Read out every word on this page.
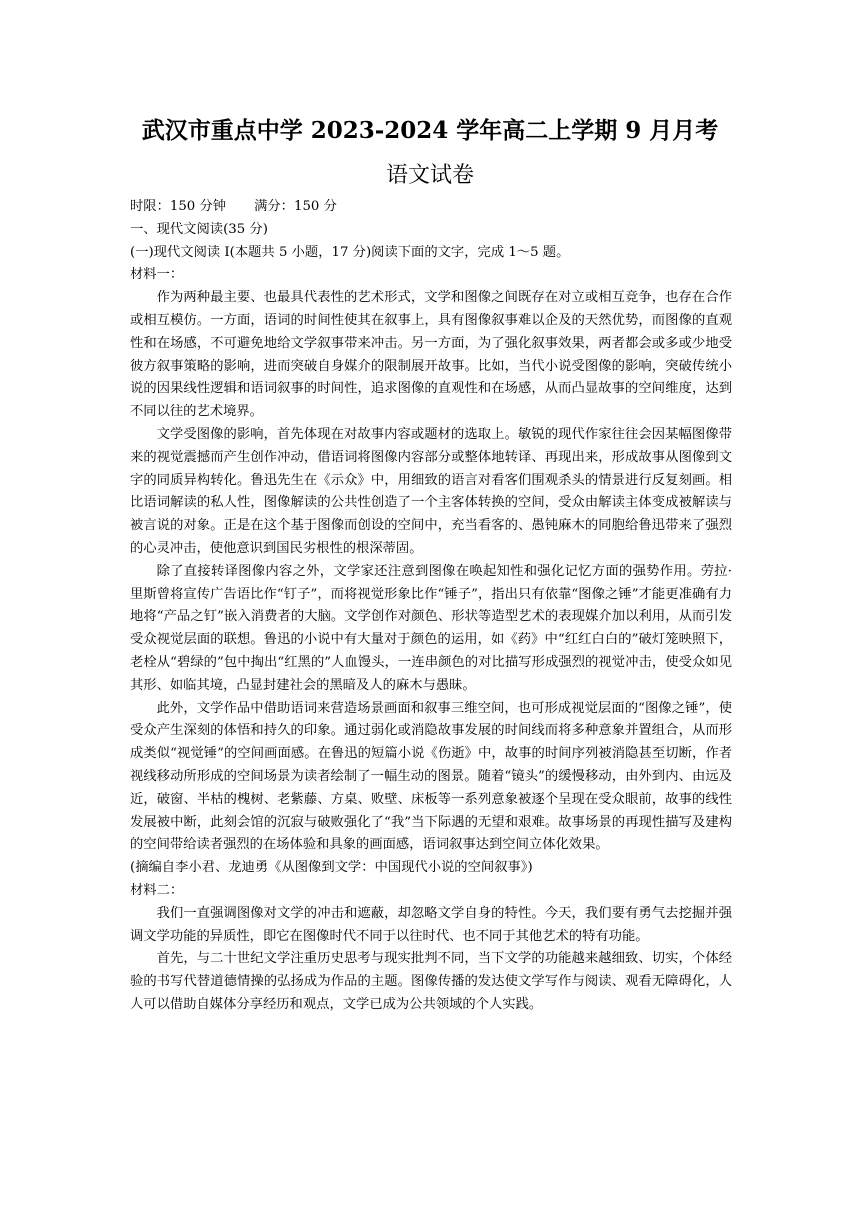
武汉市重点中学 2023-2024 学年高二上学期 9 月月考
语文试卷

时限：150 分钟 满分：150 分

一、现代文阅读(35 分)

(一)现代文阅读 I(本题共 5 小题，17 分)阅读下面的文字，完成 1～5 题。

材料一：

作为两种最主要、也最具代表性的艺术形式，文学和图像之间既存在对立或相互竞争，也存在合作或相互模仿。一方面，语词的时间性使其在叙事上，具有图像叙事难以企及的天然优势，而图像的直观性和在场感，不可避免地给文学叙事带来冲击。另一方面，为了强化叙事效果，两者都会或多或少地受彼方叙事策略的影响，进而突破自身媒介的限制展开故事。比如，当代小说受图像的影响，突破传统小说的因果线性逻辑和语词叙事的时间性，追求图像的直观性和在场感，从而凸显故事的空间维度，达到不同以往的艺术境界。

文学受图像的影响，首先体现在对故事内容或题材的选取上。敏锐的现代作家往往会因某幅图像带来的视觉震撼而产生创作冲动，借语词将图像内容部分或整体地转译、再现出来，形成故事从图像到文字的同质异构转化。鲁迅先生在《示众》中，用细致的语言对看客们围观杀头的情景进行反复刻画。相比语词解读的私人性，图像解读的公共性创造了一个主客体转换的空间，受众由解读主体变成被解读与被言说的对象。正是在这个基于图像而创设的空间中，充当看客的、愚钝麻木的同胞给鲁迅带来了强烈的心灵冲击，使他意识到国民劣根性的根深蒂固。

除了直接转译图像内容之外，文学家还注意到图像在唤起知性和强化记忆方面的强势作用。劳拉·里斯曾将宣传广告语比作“钉子”，而将视觉形象比作“锤子”，指出只有依靠“图像之锤”才能更准确有力地将“产品之钉”嵌入消费者的大脑。文学创作对颜色、形状等造型艺术的表现媒介加以利用，从而引发受众视觉层面的联想。鲁迅的小说中有大量对于颜色的运用，如《药》中“红红白白的”破灯笼映照下，老栓从“碧绿的”包中掏出“红黑的”人血馒头，一连串颜色的对比描写形成强烈的视觉冲击，使受众如见其形、如临其境，凸显封建社会的黑暗及人的麻木与愚昧。

此外，文学作品中借助语词来营造场景画面和叙事三维空间，也可形成视觉层面的“图像之锤”，使受众产生深刻的体悟和持久的印象。通过弱化或消隐故事发展的时间线而将多种意象并置组合，从而形成类似“视觉锤”的空间画面感。在鲁迅的短篇小说《伤逝》中，故事的时间序列被消隐甚至切断，作者视线移动所形成的空间场景为读者绘制了一幅生动的图景。随着“镜头”的缓慢移动，由外到内、由远及近，破窗、半枯的槐树、老紫藤、方桌、败壁、床板等一系列意象被逐个呈现在受众眼前，故事的线性发展被中断，此刻会馆的沉寂与破败强化了“我”当下际遇的无望和艰难。故事场景的再现性描写及建构的空间带给读者强烈的在场体验和具象的画面感，语词叙事达到空间立体化效果。

(摘编自李小君、龙迪勇《从图像到文学：中国现代小说的空间叙事》)

材料二：

我们一直强调图像对文学的冲击和遮蔽，却忽略文学自身的特性。今天，我们要有勇气去挖掘并强调文学功能的异质性，即它在图像时代不同于以往时代、也不同于其他艺术的特有功能。

首先，与二十世纪文学注重历史思考与现实批判不同，当下文学的功能越来越细致、切实，个体经验的书写代替道德情操的弘扬成为作品的主题。图像传播的发达使文学写作与阅读、观看无障碍化，人人可以借助自媒体分享经历和观点，文学已成为公共领域的个人实践。
